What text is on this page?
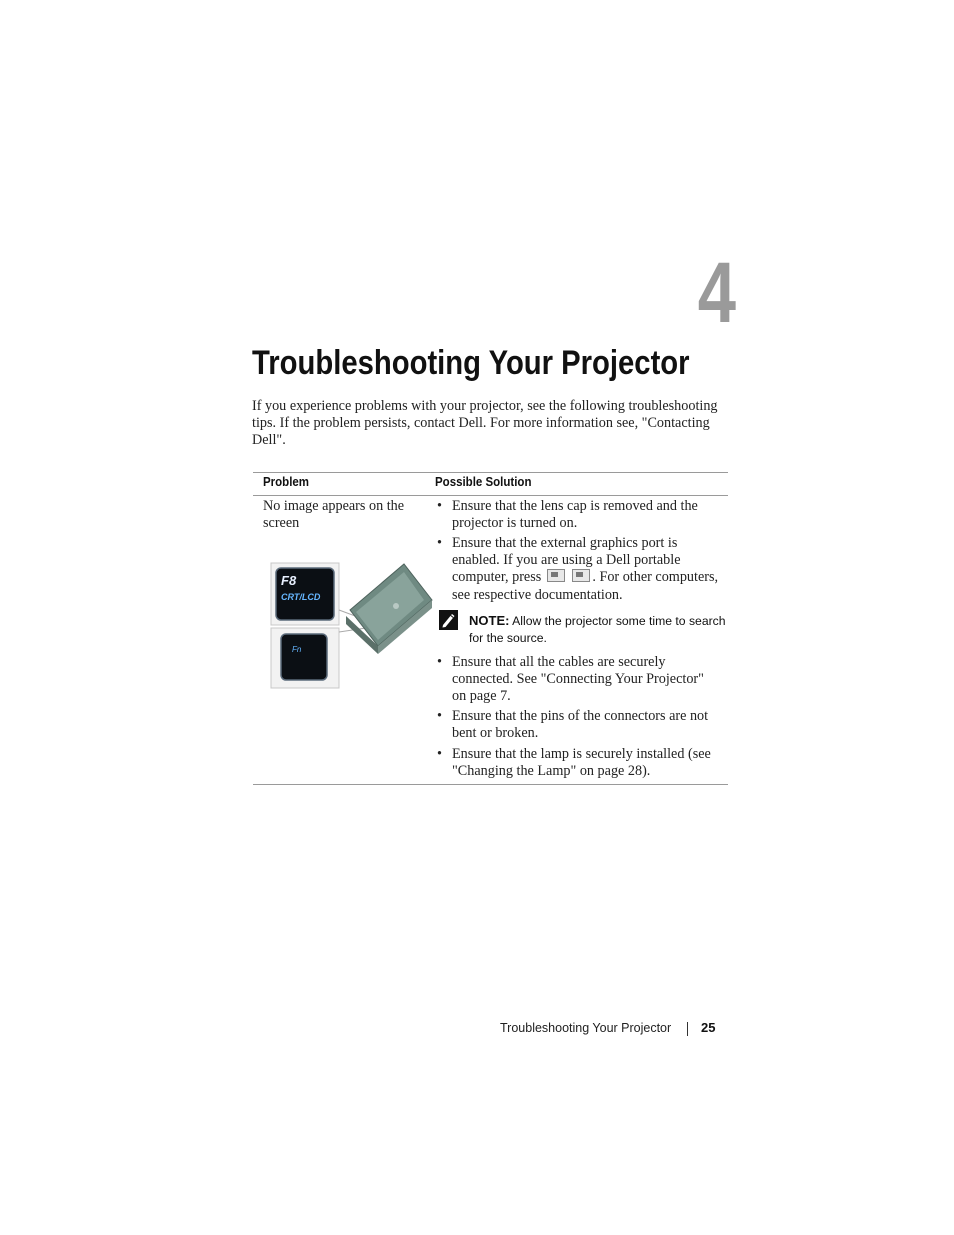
4
Troubleshooting Your Projector

If you experience problems with your projector, see the following troubleshooting tips. If the problem persists, contact Dell. For more information see, "Contacting Dell".

Problem	Possible Solution
No image appears on the screen
F8
CRT/LCD
Fn
• Ensure that the lens cap is removed and the projector is turned on.
• Ensure that the external graphics port is enabled. If you are using a Dell portable computer, press	. For other computers, see respective documentation.
NOTE: Allow the projector some time to search for the source.
• Ensure that all the cables are securely connected. See "Connecting Your Projector" on page 7.
• Ensure that the pins of the connectors are not bent or broken.
• Ensure that the lamp is securely installed (see "Changing the Lamp" on page 28).
Troubleshooting Your Projector 25
